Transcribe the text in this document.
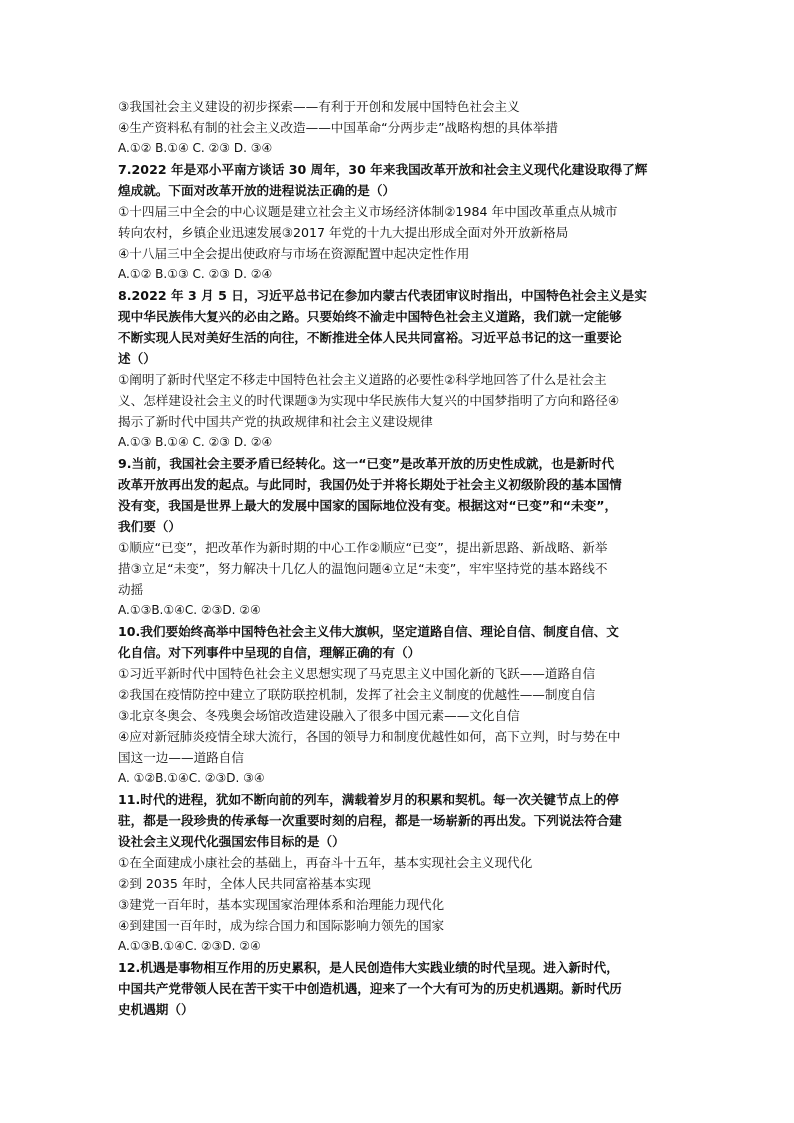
③我国社会主义建设的初步探索——有利于开创和发展中国特色社会主义
④生产资料私有制的社会主义改造——中国革命“分两步走”战略构想的具体举措
A.①② B.①④ C. ②③ D. ③④
7.2022 年是邓小平南方谈话 30 周年，30 年来我国改革开放和社会主义现代化建设取得了辉
煌成就。下面对改革开放的进程说法正确的是（）
①十四届三中全会的中心议题是建立社会主义市场经济体制②1984 年中国改革重点从城市
转向农村，乡镇企业迅速发展③2017 年党的十九大提出形成全面对外开放新格局
④十八届三中全会提出使政府与市场在资源配置中起决定性作用
A.①② B.①③ C. ②③ D. ②④
8.2022 年 3 月 5 日，习近平总书记在参加内蒙古代表团审议时指出，中国特色社会主义是实
现中华民族伟大复兴的必由之路。只要始终不渝走中国特色社会主义道路，我们就一定能够
不断实现人民对美好生活的向往，不断推进全体人民共同富裕。习近平总书记的这一重要论
述（）
①阐明了新时代坚定不移走中国特色社会主义道路的必要性②科学地回答了什么是社会主
义、怎样建设社会主义的时代课题③为实现中华民族伟大复兴的中国梦指明了方向和路径④
揭示了新时代中国共产党的执政规律和社会主义建设规律
A.①③ B.①④ C. ②③ D. ②④
9.当前，我国社会主要矛盾已经转化。这一“已变”是改革开放的历史性成就，也是新时代
改革开放再出发的起点。与此同时，我国仍处于并将长期处于社会主义初级阶段的基本国情
没有变，我国是世界上最大的发展中国家的国际地位没有变。根据这对“已变”和“未变”，
我们要（）
①顺应“已变”，把改革作为新时期的中心工作②顺应“已变”，提出新思路、新战略、新举
措③立足“未变”，努力解决十几亿人的温饱问题④立足“未变”，牢牢坚持党的基本路线不
动摇
A.①③B.①④C. ②③D. ②④
10.我们要始终高举中国特色社会主义伟大旗帜，坚定道路自信、理论自信、制度自信、文
化自信。对下列事件中呈现的自信，理解正确的有（）
①习近平新时代中国特色社会主义思想实现了马克思主义中国化新的飞跃——道路自信
②我国在疫情防控中建立了联防联控机制，发挥了社会主义制度的优越性——制度自信
③北京冬奥会、冬残奥会场馆改造建设融入了很多中国元素——文化自信
④应对新冠肺炎疫情全球大流行，各国的领导力和制度优越性如何，高下立判，时与势在中
国这一边——道路自信
A. ①②B.①④C. ②③D. ③④
11.时代的进程，犹如不断向前的列车，满载着岁月的积累和契机。每一次关键节点上的停
驻，都是一段珍贵的传承每一次重要时刻的启程，都是一场崭新的再出发。下列说法符合建
设社会主义现代化强国宏伟目标的是（）
①在全面建成小康社会的基础上，再奋斗十五年，基本实现社会主义现代化
②到 2035 年时，全体人民共同富裕基本实现
③建党一百年时，基本实现国家治理体系和治理能力现代化
④到建国一百年时，成为综合国力和国际影响力领先的国家
A.①③B.①④C. ②③D. ②④
12.机遇是事物相互作用的历史累积，是人民创造伟大实践业绩的时代呈现。进入新时代，
中国共产党带领人民在苦干实干中创造机遇，迎来了一个大有可为的历史机遇期。新时代历
史机遇期（）
